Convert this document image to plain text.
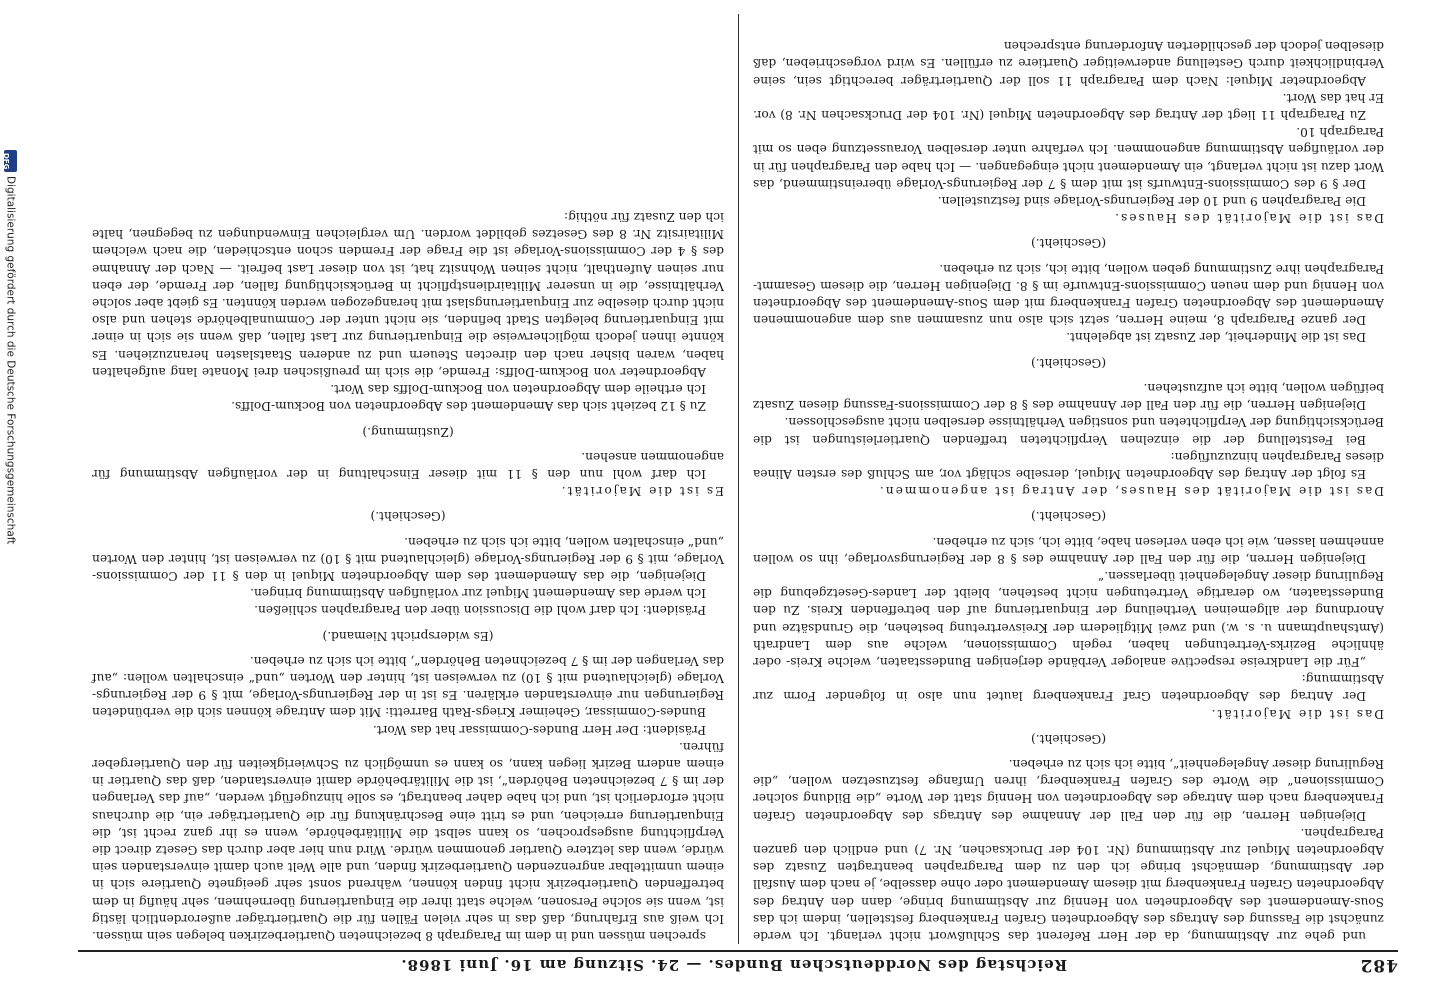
482
Reichstag des Norddeutschen Bundes. — 24. Sitzung am 16. Juni 1868.

und gehe zur Abstimmung, da der Herr Referent das Schlußwort nicht verlangt. Ich werde zunächst die Fassung des Antrags des Abgeordneten Grafen Frankenberg feststellen, indem ich das Sous-Amendement des Abgeordneten von Hennig zur Abstimmung bringe, dann den Antrag des Abgeordneten Grafen Frankenberg mit diesem Amendement oder ohne dasselbe, je nach dem Ausfall der Abstimmung, demnächst bringe ich den zu dem Paragraphen beantragten Zusatz des Abgeordneten Miquel zur Abstimmung (Nr. 104 der Drucksachen, Nr. 7) und endlich den ganzen Paragraphen.

Diejenigen Herren, die für den Fall der Annahme des Antrags des Abgeordneten Grafen Frankenberg nach dem Antrage des Abgeordneten von Hennig statt der Worte „die Bildung solcher Commissionen“ die Worte des Grafen Frankenberg, ihren Umfange festzusetzen wollen, „die Regulirung dieser Angelegenheit“, bitte ich sich zu erheben.

(Geschieht.)

Das ist die Majorität.

Der Antrag des Abgeordneten Graf Frankenberg lautet nun also in folgender Form zur Abstimmung:

„Für die Landkreise respective analoger Verbände derjenigen Bundesstaaten, welche Kreis- oder ähnliche Bezirks-Vertretungen haben, regeln Commissionen, welche aus dem Landrath (Amtshauptmann u. s. w.) und zwei Mitgliedern der Kreisvertretung bestehen, die Grundsätze und Anordnung der allgemeinen Vertheilung der Einquartierung auf den betreffenden Kreis. Zu den Bundesstaaten, wo derartige Vertretungen nicht bestehen, bleibt der Landes-Gesetzgebung die Regulirung dieser Angelegenheit überlassen.“

Diejenigen Herren, die für den Fall der Annahme des § 8 der Regierungsvorlage, ihn so wollen annehmen lassen, wie ich eben verlesen habe, bitte ich, sich zu erheben.

(Geschieht.)

Das ist die Majorität des Hauses, der Antrag ist angenommen.

Es folgt der Antrag des Abgeordneten Miquel, derselbe schlägt vor, am Schluß des ersten Alinea dieses Paragraphen hinzuzufügen:

Bei Feststellung der die einzelnen Verpflichteten treffenden Quartierleistungen ist die Berücksichtigung der Verpflichteten und sonstigen Verhältnisse derselben nicht ausgeschlossen.

Diejenigen Herren, die für den Fall der Annahme des § 8 der Commissions-Fassung diesen Zusatz beifügen wollen, bitte ich aufzustehen.

(Geschieht.)

Das ist die Minderheit, der Zusatz ist abgelehnt.

Der ganze Paragraph 8, meine Herren, setzt sich also nun zusammen aus dem angenommenen Amendement des Abgeordneten Grafen Frankenberg mit dem Sous-Amendement des Abgeordneten von Hennig und dem neuen Commissions-Entwurfe im § 8. Diejenigen Herren, die diesem Gesammt-Paragraphen ihre Zustimmung geben wollen, bitte ich, sich zu erheben.

(Geschieht.)

Das ist die Majorität des Hauses.

Die Paragraphen 9 und 10 der Regierungs-Vorlage sind festzustellen.

Der § 9 des Commissions-Entwurfs ist mit dem § 7 der Regierungs-Vorlage übereinstimmend, das Wort dazu ist nicht verlangt, ein Amendement nicht eingegangen. — Ich habe den Paragraphen für in der vorläufigen Abstimmung angenommen. Ich verfahre unter derselben Voraussetzung eben so mit Paragraph 10.

Zu Paragraph 11 liegt der Antrag des Abgeordneten Miquel (Nr. 104 der Drucksachen Nr. 8) vor. Er hat das Wort.

Abgeordneter Miquel: Nach dem Paragraph 11 soll der Quartierträger berechtigt sein, seine Verbindlichkeit durch Gestellung anderweitiger Quartiere zu erfüllen. Es wird vorgeschrieben, daß dieselben jedoch der geschilderten Anforderung entsprechen

sprechen müssen und in dem im Paragraph 8 bezeichneten Quartierbezirken belegen sein müssen. Ich weiß aus Erfahrung, daß das in sehr vielen Fällen für die Quartierträger außerordentlich lästig ist, wenn sie solche Personen, welche statt ihrer die Einquartierung übernehmen, sehr häufig in dem betreffenden Quartierbezirk nicht finden können, während sonst sehr geeignete Quartiere sich in einem unmittelbar angrenzenden Quartierbezirk finden, und alle Welt auch damit einverstanden sein würde, wenn das letztere Quartier genommen würde. Wird nun hier aber durch das Gesetz direct die Verpflichtung ausgesprochen, so kann selbst die Militärbehörde, wenn es ihr ganz recht ist, die Einquartierung erreichen, und es tritt eine Beschränkung für die Quartierträger ein, die durchaus nicht erforderlich ist, und ich habe daher beantragt, es solle hinzugefügt werden, „auf das Verlangen der im § 7 bezeichneten Behörden“, ist die Militärbehörde damit einverstanden, daß das Quartier in einem andern Bezirk liegen kann, so kann es unmöglich zu Schwierigkeiten für den Quartiergeber führen.

Präsident: Der Herr Bundes-Commissar hat das Wort.

Bundes-Commissar, Geheimer Kriegs-Rath Barretti: Mit dem Antrage können sich die verbündeten Regierungen nur einverstanden erklären. Es ist in der Regierungs-Vorlage, mit § 9 der Regierungs-Vorlage (gleichlautend mit § 10) zu verweisen ist, hinter den Worten „und“ einschalten wollen: „auf das Verlangen der im § 7 bezeichneten Behörden“, bitte ich sich zu erheben.

(Es widerspricht Niemand.)

Präsident: Ich darf wohl die Discussion über den Paragraphen schließen.

Ich werde das Amendement Miquel zur vorläufigen Abstimmung bringen.

Diejenigen, die das Amendement des dem Abgeordneten Miquel in den § 11 der Commissions-Vorlage, mit § 9 der Regierungs-Vorlage (gleichlautend mit § 10) zu verweisen ist, hinter den Worten „und“ einschalten wollen, bitte ich sich zu erheben.

(Geschieht.)

Es ist die Majorität.

Ich darf wohl nun den § 11 mit dieser Einschaltung in der vorläufigen Abstimmung für angenommen ansehen.

(Zustimmung.)

Zu § 12 bezieht sich das Amendement des Abgeordneten von Bockum-Dolffs.

Ich ertheile dem Abgeordneten von Bockum-Dolffs das Wort.

Abgeordneter von Bockum-Dolffs: Fremde, die sich im preußischen drei Monate lang aufgehalten haben, waren bisher nach den directen Steuern und zu anderen Staatslasten heranzuziehen. Es könnte ihnen jedoch möglicherweise die Einquartierung zur Last fallen, daß wenn sie sich in einer mit Einquartierung belegten Stadt befinden, sie nicht unter der Communalbehörde stehen und also nicht durch dieselbe zur Einquartierungslast mit herangezogen werden könnten. Es giebt aber solche Verhältnisse, die in unserer Militairdienstpflicht in Berücksichtigung fallen, der Fremde, der eben nur seinen Aufenthalt, nicht seinen Wohnsitz hat, ist von dieser Last befreit. — Nach der Annahme des § 4 der Commissions-Vorlage ist die Frage der Fremden schon entschieden, die nach welchem Militairsitz Nr. 8 des Gesetzes gebildet worden. Um vergleichen Einwendungen zu begegnen, halte ich den Zusatz für nöthig:

DFG
Digitalisierung gefördert durch die Deutsche Forschungsgemeinschaft
